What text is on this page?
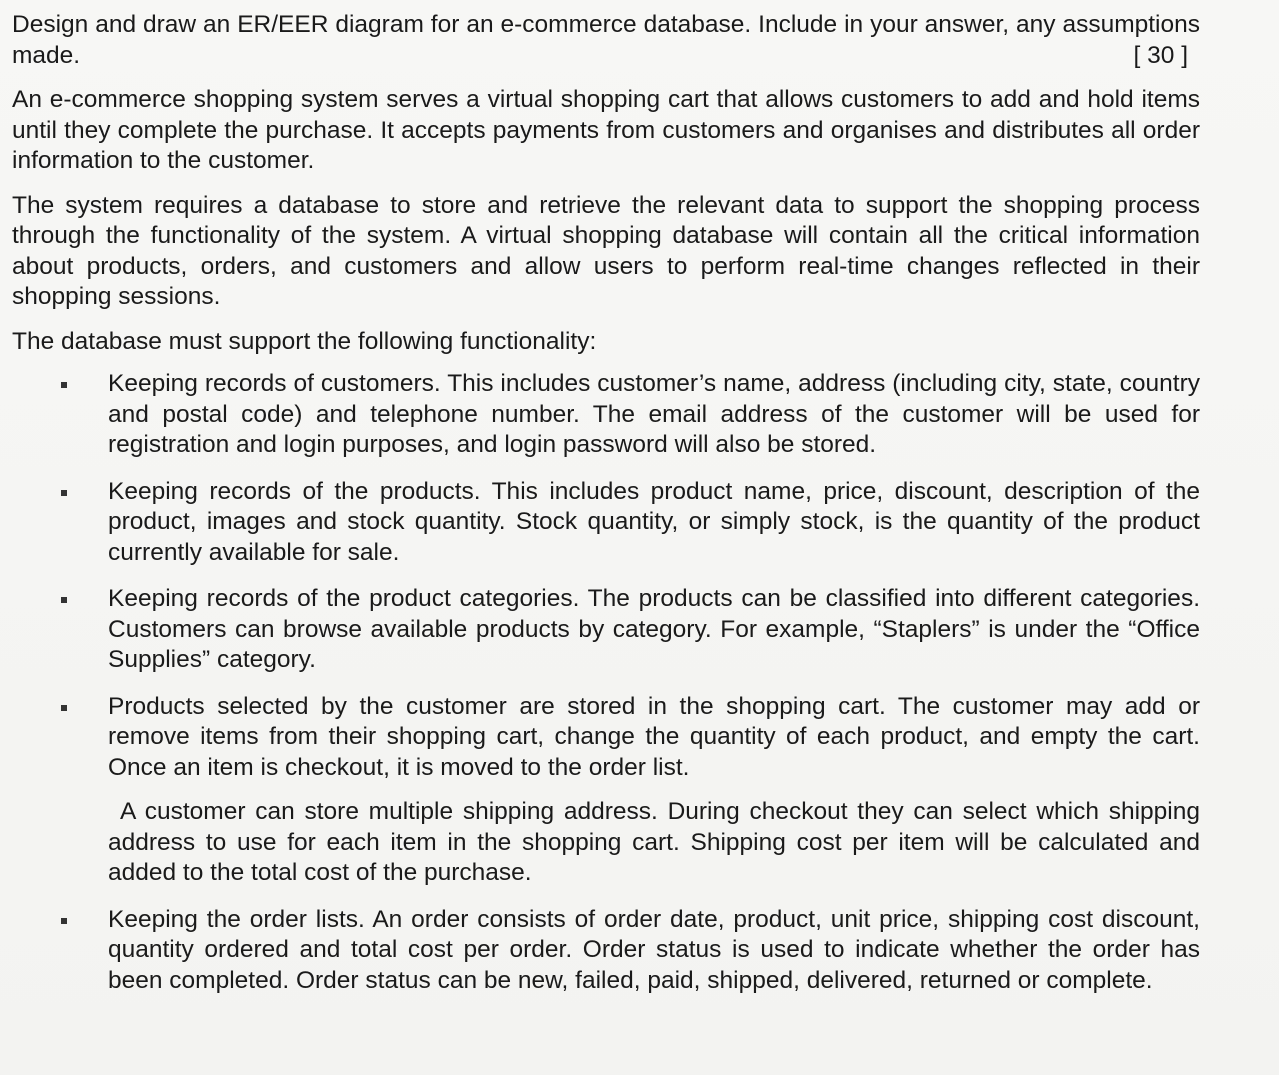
Design and draw an ER/EER diagram for an e-commerce database. Include in your answer, any assumptions made.	[ 30 ]

An e-commerce shopping system serves a virtual shopping cart that allows customers to add and hold items until they complete the purchase. It accepts payments from customers and organises and distributes all order information to the customer.

The system requires a database to store and retrieve the relevant data to support the shopping process through the functionality of the system. A virtual shopping database will contain all the critical information about products, orders, and customers and allow users to perform real-time changes reflected in their shopping sessions.

The database must support the following functionality:

Keeping records of customers. This includes customer’s name, address (including city, state, country and postal code) and telephone number. The email address of the customer will be used for registration and login purposes, and login password will also be stored.
Keeping records of the products. This includes product name, price, discount, description of the product, images and stock quantity. Stock quantity, or simply stock, is the quantity of the product currently available for sale.
Keeping records of the product categories. The products can be classified into different categories. Customers can browse available products by category. For example, “Staplers” is under the “Office Supplies” category.
Products selected by the customer are stored in the shopping cart. The customer may add or remove items from their shopping cart, change the quantity of each product, and empty the cart. Once an item is checkout, it is moved to the order list.

A customer can store multiple shipping address. During checkout they can select which shipping address to use for each item in the shopping cart. Shipping cost per item will be calculated and added to the total cost of the purchase.

Keeping the order lists. An order consists of order date, product, unit price, shipping cost discount, quantity ordered and total cost per order. Order status is used to indicate whether the order has been completed. Order status can be new, failed, paid, shipped, delivered, returned or complete.
